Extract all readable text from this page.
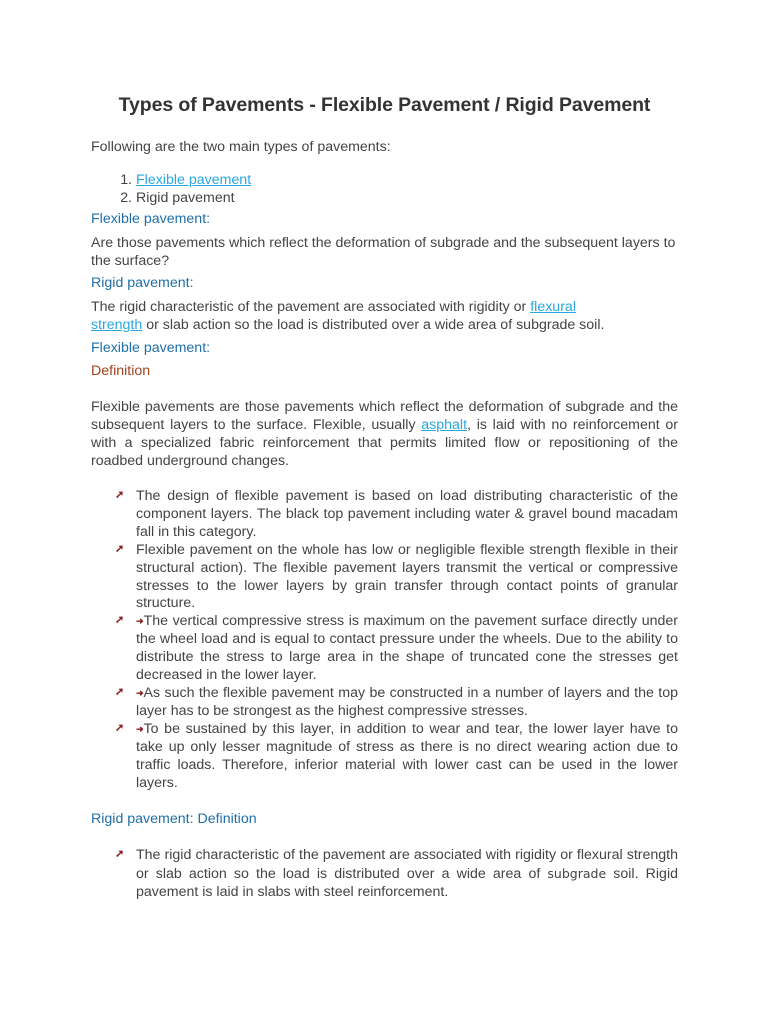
Types of Pavements - Flexible Pavement / Rigid Pavement

Following are the two main types of pavements:

1. Flexible pavement
2. Rigid pavement

Flexible pavement:

Are those pavements which reflect the deformation of subgrade and the subsequent layers to the surface?

Rigid pavement:

The rigid characteristic of the pavement are associated with rigidity or flexural
strength or slab action so the load is distributed over a wide area of subgrade soil.

Flexible pavement:

Definition

Flexible pavements are those pavements which reflect the deformation of subgrade and the subsequent layers to the surface. Flexible, usually asphalt, is laid with no reinforcement or with a specialized fabric reinforcement that permits limited flow or repositioning of the roadbed underground changes.

➚ The design of flexible pavement is based on load distributing characteristic of the component layers. The black top pavement including water & gravel bound macadam fall in this category.
➚ Flexible pavement on the whole has low or negligible flexible strength flexible in their structural action). The flexible pavement layers transmit the vertical or compressive stresses to the lower layers by grain transfer through contact points of granular structure.
➚ ➜The vertical compressive stress is maximum on the pavement surface directly under the wheel load and is equal to contact pressure under the wheels. Due to the ability to distribute the stress to large area in the shape of truncated cone the stresses get decreased in the lower layer.
➚ ➜As such the flexible pavement may be constructed in a number of layers and the top layer has to be strongest as the highest compressive stresses.
➚ ➜To be sustained by this layer, in addition to wear and tear, the lower layer have to take up only lesser magnitude of stress as there is no direct wearing action due to traffic loads. Therefore, inferior material with lower cast can be used in the lower layers.

Rigid pavement: Definition

➚ The rigid characteristic of the pavement are associated with rigidity or flexural strength or slab action so the load is distributed over a wide area of subgrade soil. Rigid pavement is laid in slabs with steel reinforcement.
